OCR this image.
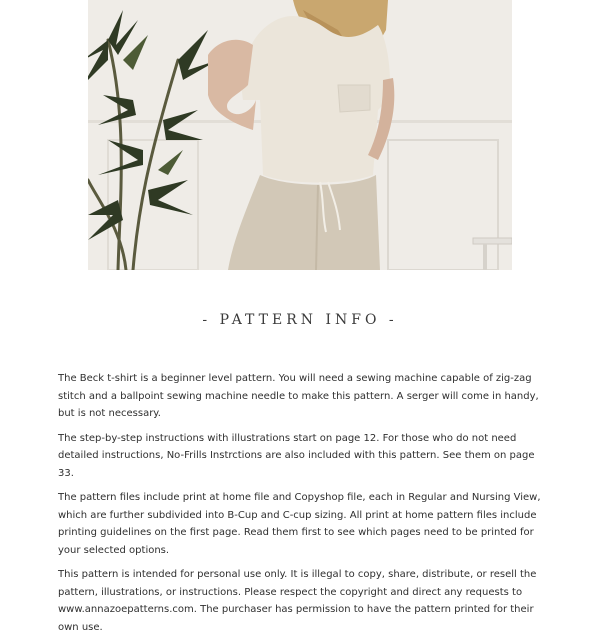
- PATTERN INFO -

The Beck t-shirt is a beginner level pattern. You will need a sewing machine capable of zig-zag stitch and a ballpoint sewing machine needle to make this pattern. A serger will come in handy, but is not necessary.

The step-by-step instructions with illustrations start on page 12. For those who do not need detailed instructions, No-Frills Instrctions are also included with this pattern. See them on page 33.

The pattern files include print at home file and Copyshop file, each in Regular and Nursing View, which are further subdivided into B-Cup and C-cup sizing. All print at home pattern files include printing guidelines on the first page. Read them first to see which pages need to be printed for your selected options.

This pattern is intended for personal use only. It is illegal to copy, share, distribute, or resell the pattern, illustrations, or instructions. Please respect the copyright and direct any requests to www.annazoepatterns.com. The purchaser has permission to have the pattern printed for their own use.
